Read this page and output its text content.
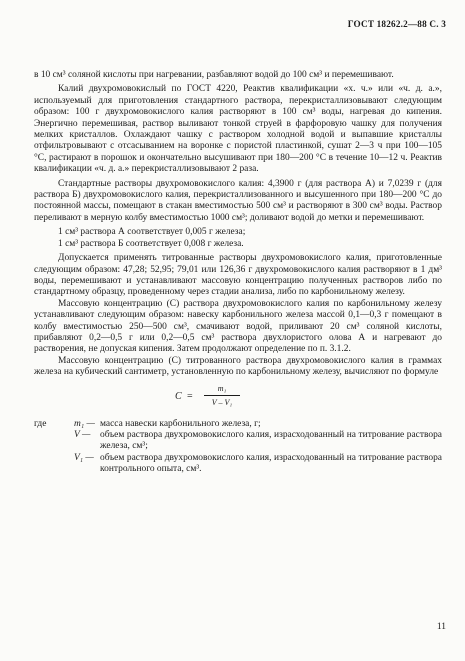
ГОСТ 18262.2—88 С. 3

в 10 см³ соляной кислоты при нагревании, разбавляют водой до 100 см³ и перемешивают.

Калий двухромовокислый по ГОСТ 4220, Реактив квалификации «х. ч.» или «ч. д. а.», используемый для приготовления стандартного раствора, перекристаллизовывают следующим образом: 100 г двухромовокислого калия растворяют в 100 см³ воды, нагревая до кипения. Энергично перемешивая, раствор выливают тонкой струей в фарфоровую чашку для получения мелких кристаллов. Охлаждают чашку с раствором холодной водой и выпавшие кристаллы отфильтровывают с отсасыванием на воронке с пористой пластинкой, сушат 2—3 ч при 100—105 °С, растирают в порошок и окончательно высушивают при 180—200 °С в течение 10—12 ч. Реактив квалификации «ч. д. а.» перекристаллизовывают 2 раза.

Стандартные растворы двухромовокислого калия: 4,3900 г (для раствора А) и 7,0239 г (для раствора Б) двухромовокислого калия, перекристаллизованного и высушенного при 180—200 °С до постоянной массы, помещают в стакан вместимостью 500 см³ и растворяют в 300 см³ воды. Раствор переливают в мерную колбу вместимостью 1000 см³; доливают водой до метки и перемешивают.

1 см³ раствора А соответствует 0,005 г железа;

1 см³ раствора Б соответствует 0,008 г железа.

Допускается применять титрованные растворы двухромовокислого калия, приготовленные следующим образом: 47,28; 52,95; 79,01 или 126,36 г двухромовокислого калия растворяют в 1 дм³ воды, перемешивают и устанавливают массовую концентрацию полученных растворов либо по стандартному образцу, проведенному через стадии анализа, либо по карбонильному железу.

Массовую концентрацию (С) раствора двухромовокислого калия по карбонильному железу устанавливают следующим образом: навеску карбонильного железа массой 0,1—0,3 г помещают в колбу вместимостью 250—500 см³, смачивают водой, приливают 20 см³ соляной кислоты, прибавляют 0,2—0,5 г или 0,2—0,5 см³ раствора двухлористого олова А и нагревают до растворения, не допуская кипения. Затем продолжают определение по п. 3.1.2.

Массовую концентрацию (С) титрованного раствора двухромовокислого калия в граммах железа на кубический сантиметр, установленную по карбонильному железу, вычисляют по формуле

$C = \frac{\text{m₁}}{\text{V – V₁}}$
где	m₁ — масса навески карбонильного железа, г;
V — объем раствора двухромовокислого калия, израсходованный на титрование раствора железа, см³;
V₁ — объем раствора двухромовокислого калия, израсходованный на титрование раствора контрольного опыта, см³.
11
